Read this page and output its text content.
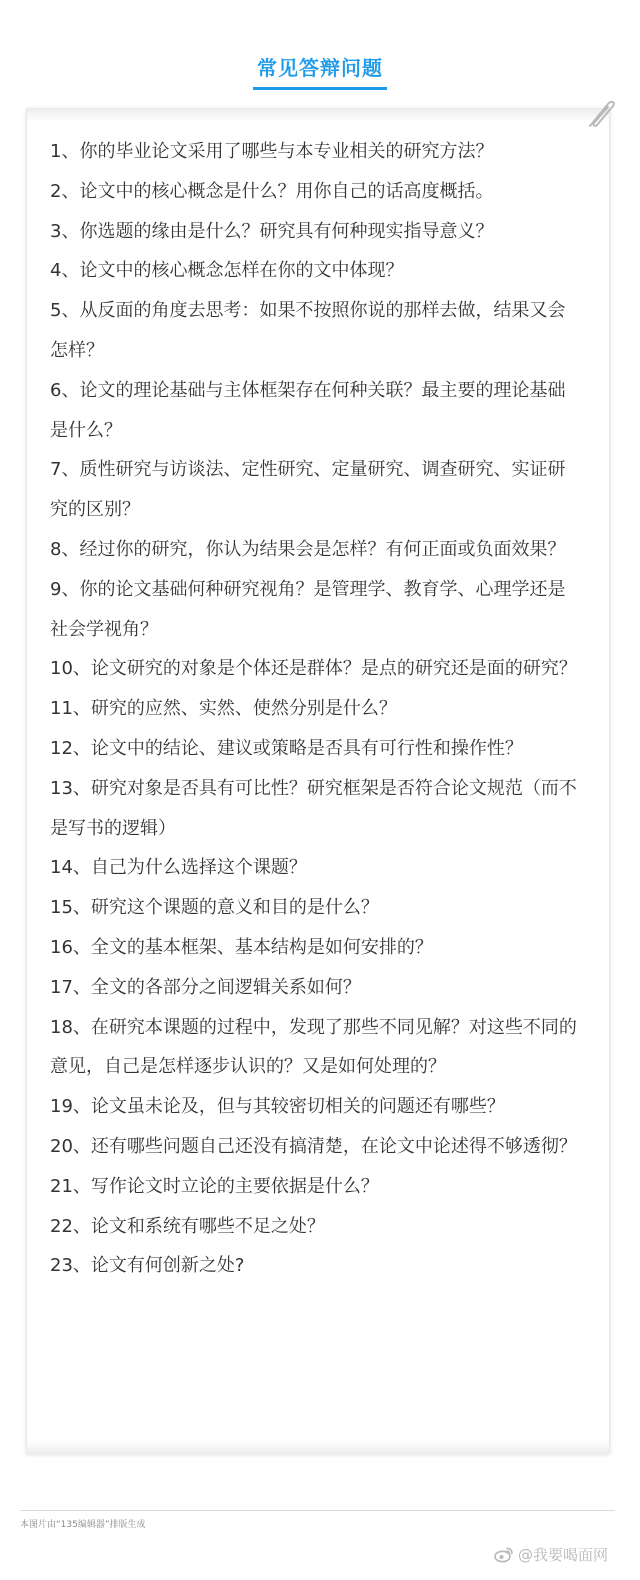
常见答辩问题
1、你的毕业论文采用了哪些与本专业相关的研究方法？
2、论文中的核心概念是什么？用你自己的话高度概括。
3、你选题的缘由是什么？研究具有何种现实指导意义？
4、论文中的核心概念怎样在你的文中体现？
5、从反面的角度去思考：如果不按照你说的那样去做，结果又会怎样？
6、论文的理论基础与主体框架存在何种关联？最主要的理论基础是什么？
7、质性研究与访谈法、定性研究、定量研究、调查研究、实证研究的区别？
8、经过你的研究，你认为结果会是怎样？有何正面或负面效果？
9、你的论文基础何种研究视角？是管理学、教育学、心理学还是社会学视角？
10、论文研究的对象是个体还是群体？是点的研究还是面的研究？
11、研究的应然、实然、使然分别是什么？
12、论文中的结论、建议或策略是否具有可行性和操作性？
13、研究对象是否具有可比性？研究框架是否符合论文规范（而不是写书的逻辑）
14、自己为什么选择这个课题？
15、研究这个课题的意义和目的是什么？
16、全文的基本框架、基本结构是如何安排的？
17、全文的各部分之间逻辑关系如何？
18、在研究本课题的过程中，发现了那些不同见解？对这些不同的意见，自己是怎样逐步认识的？又是如何处理的？
19、论文虽未论及，但与其较密切相关的问题还有哪些？
20、还有哪些问题自己还没有搞清楚，在论文中论述得不够透彻？
21、写作论文时立论的主要依据是什么？
22、论文和系统有哪些不足之处？
23、论文有何创新之处?
本图片由“135编辑器”排版生成
@我要喝面网
